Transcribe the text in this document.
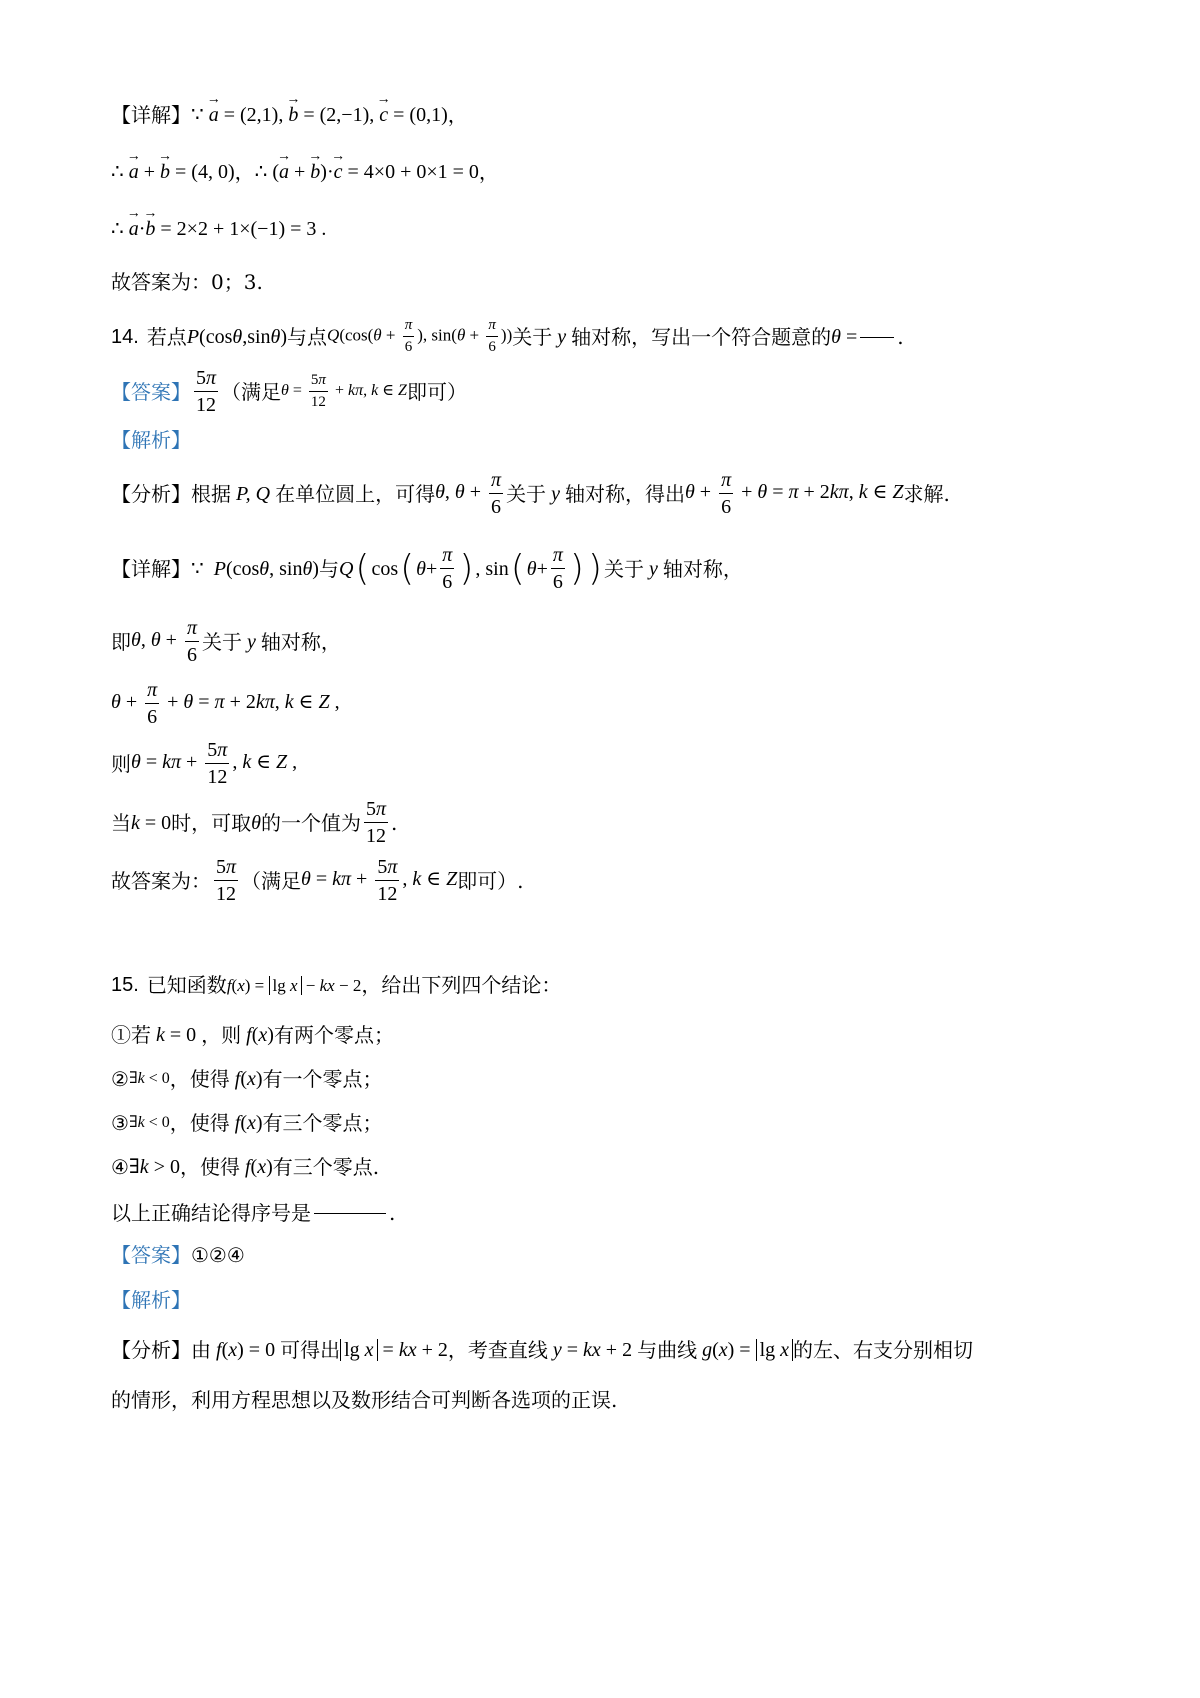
【详解】 ∵ → a = (2,1), → b = (2,−1), → c = (0,1) ，
∴ → a + → b = (4, 0) ， ∴ (→ a + → b)·→ c = 4×0 + 0×1 = 0 ，
∴ → a·→ b = 2×2 + 1×(−1) = 3 .
故答案为：0；3.
14. 若点 P(cosθ,sinθ) 与点 $Q(\cos(\theta + \frac{\pi}{6}$ ), $\sin(\theta + \frac{\pi}{6}$ )) 关于 y 轴对称，写出一个符合题意的 θ = .
【答案】 $\frac{5\pi}{12}$ （满足 $\theta = \frac{5\pi}{12} + k\pi$, k ∈ Z 即可）
【解析】
【分析】 根据 P, Q 在单位圆上，可得 θ, $\theta + \frac{\pi}{6}$ 关于 y 轴对称，得出 $\theta + \frac{\pi}{6} + \theta = \pi + 2k\pi$, k ∈ Z 求解.
【详解】 ∵  P(cosθ, sinθ) 与 Q ( cos ( $\theta + \frac{\pi}{6}$ ) , sin ( $\theta + \frac{\pi}{6}$ ) ) 关于 y 轴对称，
即 θ, $\theta + \frac{\pi}{6}$ 关于 y 轴对称，
$\theta + \frac{\pi}{6} + \theta = \pi + 2k\pi$, k ∈ Z ,
则 $\theta = k\pi + \frac{5\pi}{12}$ , k ∈ Z ,
当 k = 0 时，可取 θ 的一个值为 $\frac{5\pi}{12}$ .
故答案为： $\frac{5\pi}{12}$ （满足 $\theta = k\pi + \frac{5\pi}{12}$ , k ∈ Z 即可）.
15. 已知函数 f(x) = lg x − kx − 2 ，给出下列四个结论：
①若 k = 0 ，则 f(x) 有两个零点；
② ∃k < 0 ，使得 f(x) 有一个零点；
③ ∃k < 0 ，使得 f(x) 有三个零点；
④ ∃k > 0 ，使得 f(x) 有三个零点.
以上正确结论得序号是	.
【答案】 ①②④
【解析】
【分析】 由 f(x) = 0 可得出 lg x = kx + 2 ，考查直线 y = kx + 2 与曲线 g(x) = lg x 的左、右支分别相切
的情形，利用方程思想以及数形结合可判断各选项的正误.
